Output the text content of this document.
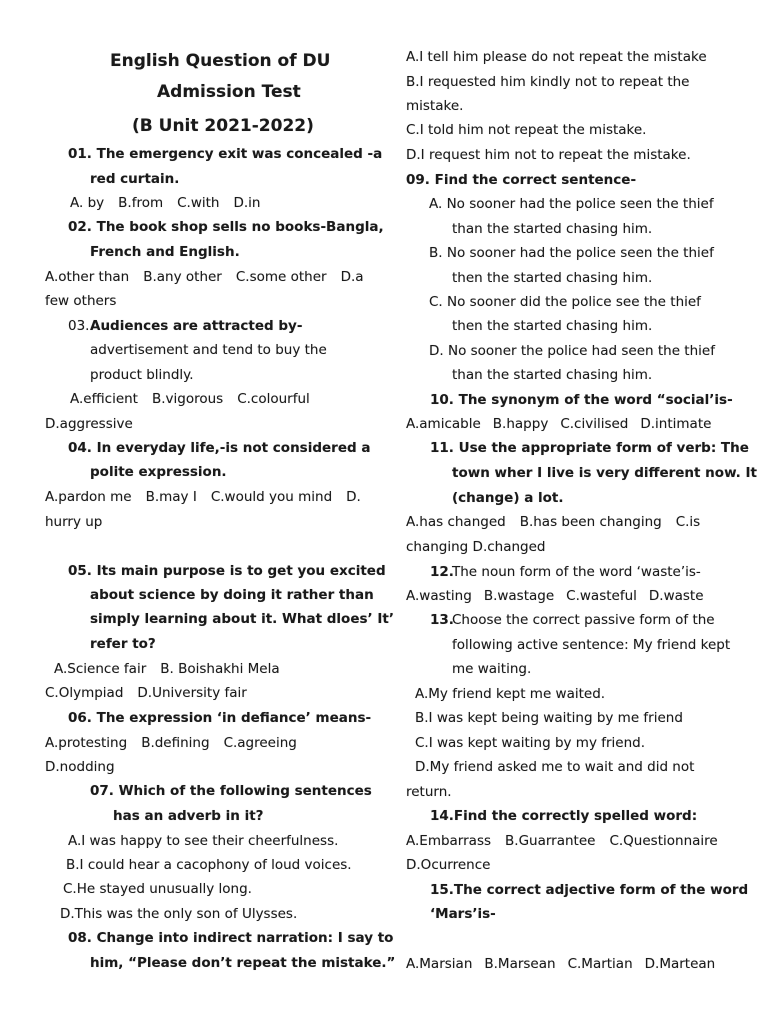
English Question of DU
Admission Test
(B Unit 2021-2022)
01. The emergency exit was concealed -a
red curtain.
A. by B.from C.with D.in
02. The book shop sells no books-Bangla,
French and English.
A.other than B.any other C.some other D.a
few others
03. Audiences are attracted by-
advertisement and tend to buy the
product blindly.
A.efficient B.vigorous C.colourful
D.aggressive
04. In everyday life,-is not considered a
polite expression.
A.pardon me B.may I C.would you mind D.
hurry up
05. Its main purpose is to get you excited
about science by doing it rather than
simply learning about it. What dloes’ It’
refer to?
A.Science fair B. Boishakhi Mela
C.Olympiad D.University fair
06. The expression ‘in defiance’ means-
A.protesting B.defining C.agreeing
D.nodding
07. Which of the following sentences
has an adverb in it?
A.I was happy to see their cheerfulness.
B.I could hear a cacophony of loud voices.
C.He stayed unusually long.
D.This was the only son of Ulysses.
08. Change into indirect narration: I say to
him, “Please don’t repeat the mistake.”
A.I tell him please do not repeat the mistake
B.I requested him kindly not to repeat the
mistake.
C.I told him not repeat the mistake.
D.I request him not to repeat the mistake.
09. Find the correct sentence-
A. No sooner had the police seen the thief
than the started chasing him.
B. No sooner had the police seen the thief
then the started chasing him.
C. No sooner did the police see the thief
then the started chasing him.
D. No sooner the police had seen the thief
than the started chasing him.
10. The synonym of the word “social’is-
A.amicable B.happy C.civilised D.intimate
11. Use the appropriate form of verb: The
town wher I live is very different now. It
(change) a lot.
A.has changed B.has been changing C.is
changing D.changed
12.
The noun form of the word ‘waste’is-
A.wasting B.wastage C.wasteful D.waste
13.
Choose the correct passive form of the
following active sentence: My friend kept
me waiting.
A.My friend kept me waited.
B.I was kept being waiting by me friend
C.I was kept waiting by my friend.
D.My friend asked me to wait and did not
return.
14.Find the correctly spelled word:
A.Embarrass B.Guarrantee C.Questionnaire
D.Ocurrence
15.The correct adjective form of the word
‘Mars’is-
A.Marsian B.Marsean C.Martian D.Martean
